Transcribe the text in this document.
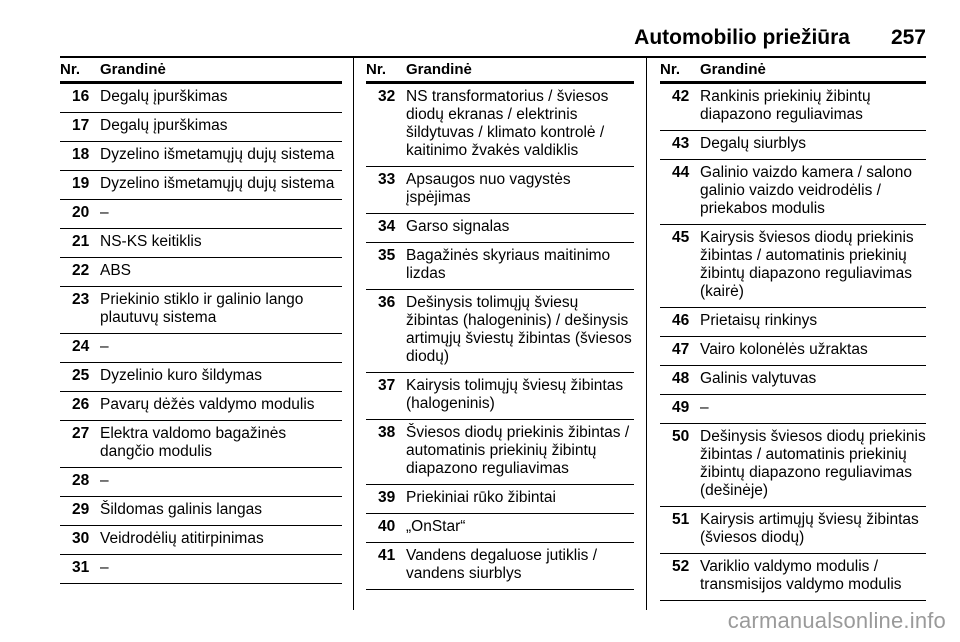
Automobilio priežiūra 257
Nr.	Grandinė
16 Degalų įpurškimas
17 Degalų įpurškimas
18 Dyzelino išmetamųjų dujų sistema
19 Dyzelino išmetamųjų dujų sistema
20 –
21 NS-KS keitiklis
22 ABS
23 Priekinio stiklo ir galinio lango plautuvų sistema
24 –
25 Dyzelinio kuro šildymas
26 Pavarų dėžės valdymo modulis
27 Elektra valdomo bagažinės dangčio modulis
28 –
29 Šildomas galinis langas
30 Veidrodėlių atitirpinimas
31 –
Nr.	Grandinė
32 NS transformatorius / šviesos diodų ekranas / elektrinis šildytuvas / klimato kontrolė / kaitinimo žvakės valdiklis
33 Apsaugos nuo vagystės įspėjimas
34 Garso signalas
35 Bagažinės skyriaus maitinimo lizdas
36 Dešinysis tolimųjų šviesų žibintas (halogeninis) / dešinysis artimųjų šviestų žibintas (šviesos diodų)
37 Kairysis tolimųjų šviesų žibintas (halogeninis)
38 Šviesos diodų priekinis žibintas / automatinis priekinių žibintų diapazono reguliavimas
39 Priekiniai rūko žibintai
40 „OnStar“
41 Vandens degaluose jutiklis / vandens siurblys
Nr.	Grandinė
42 Rankinis priekinių žibintų diapazono reguliavimas
43 Degalų siurblys
44 Galinio vaizdo kamera / salono galinio vaizdo veidrodėlis / priekabos modulis
45 Kairysis šviesos diodų priekinis žibintas / automatinis priekinių žibintų diapazono reguliavimas (kairė)
46 Prietaisų rinkinys
47 Vairo kolonėlės užraktas
48 Galinis valytuvas
49 –
50 Dešinysis šviesos diodų priekinis žibintas / automatinis priekinių žibintų diapazono reguliavimas (dešinėje)
51 Kairysis artimųjų šviesų žibintas (šviesos diodų)
52 Variklio valdymo modulis / transmisijos valdymo modulis
carmanualsonline.info
